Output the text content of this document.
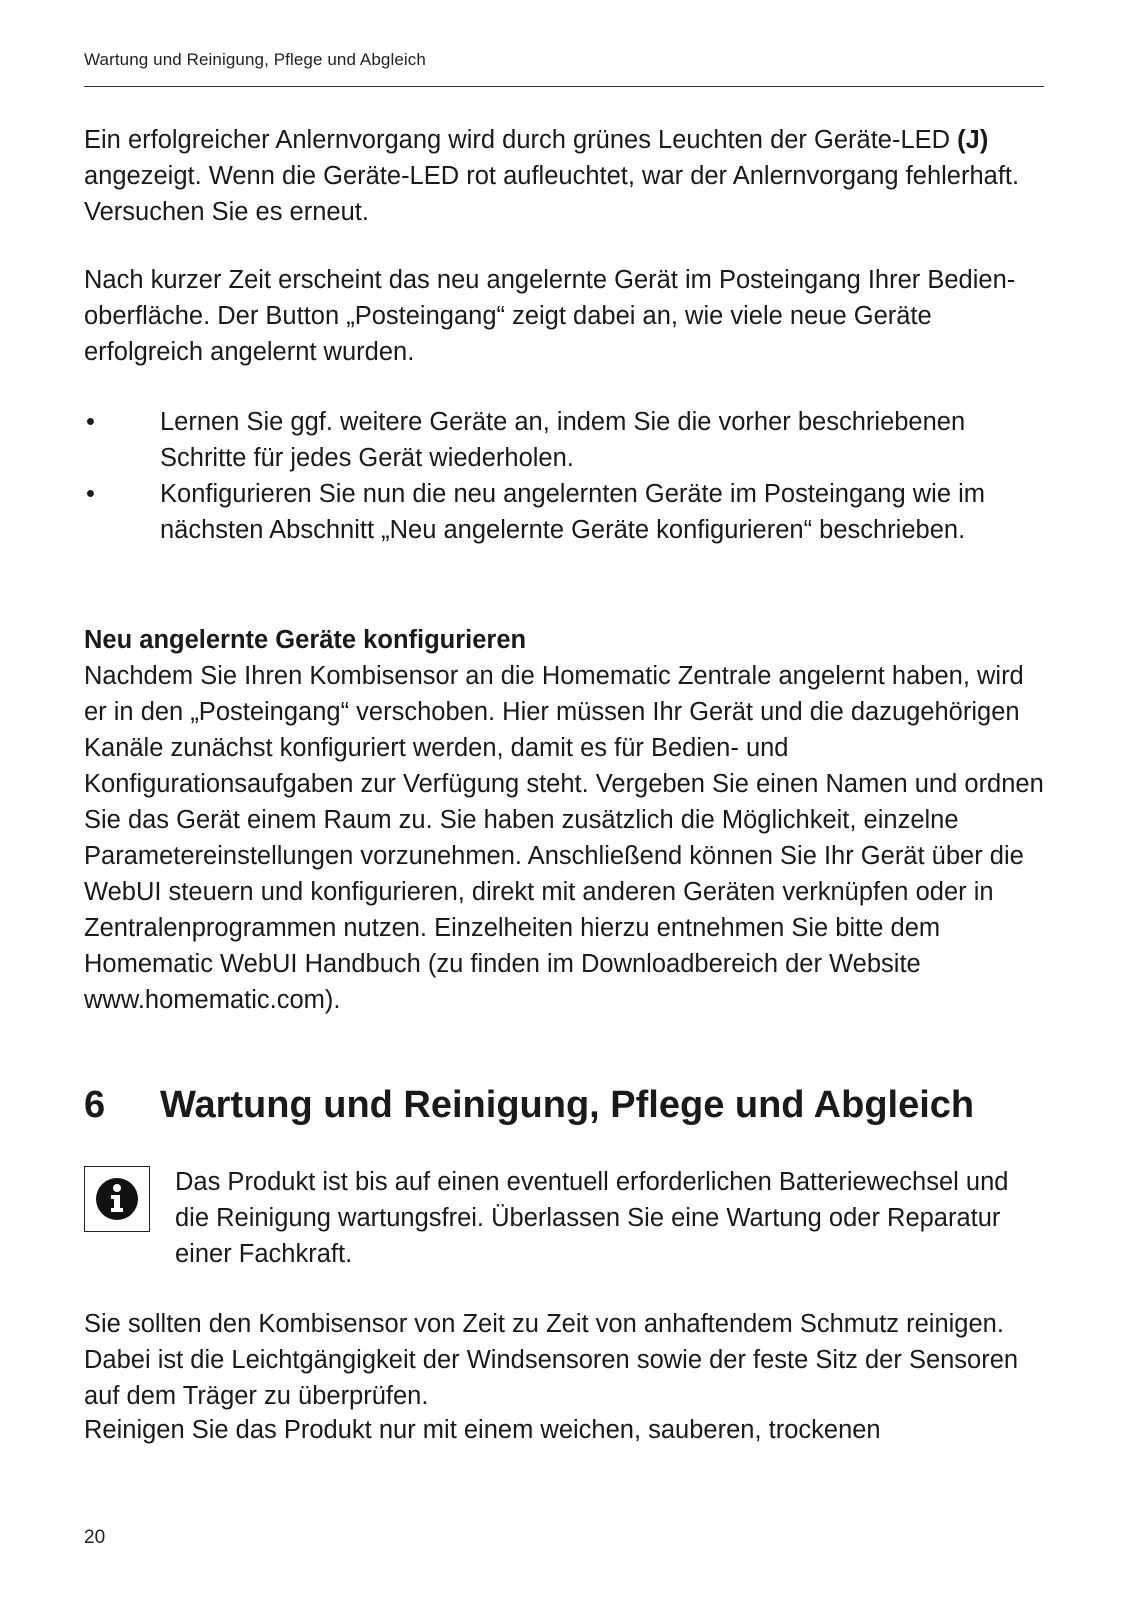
Wartung und Reinigung, Pflege und Abgleich

Ein erfolgreicher Anlernvorgang wird durch grünes Leuchten der Geräte-LED (J) angezeigt. Wenn die Geräte-LED rot aufleuchtet, war der Anlernvorgang fehlerhaft. Versuchen Sie es erneut.

Nach kurzer Zeit erscheint das neu angelernte Gerät im Posteingang Ihrer Bedien-oberfläche. Der Button „Posteingang“ zeigt dabei an, wie viele neue Geräte erfolgreich angelernt wurden.

•	Lernen Sie ggf. weitere Geräte an, indem Sie die vorher beschriebenen Schritte für jedes Gerät wiederholen.
•	Konfigurieren Sie nun die neu angelernten Geräte im Posteingang wie im nächsten Abschnitt „Neu angelernte Geräte konfigurieren“ beschrieben.
Neu angelernte Geräte konfigurieren

Nachdem Sie Ihren Kombisensor an die Homematic Zentrale angelernt haben, wird er in den „Posteingang“ verschoben. Hier müssen Ihr Gerät und die dazugehörigen Kanäle zunächst konfiguriert werden, damit es für Bedien- und Konfigurationsaufgaben zur Verfügung steht. Vergeben Sie einen Namen und ordnen Sie das Gerät einem Raum zu. Sie haben zusätzlich die Möglichkeit, einzelne Parametereinstellungen vorzunehmen. Anschließend können Sie Ihr Gerät über die WebUI steuern und konfigurieren, direkt mit anderen Geräten verknüpfen oder in Zentralenprogrammen nutzen. Einzelheiten hierzu entnehmen Sie bitte dem Homematic WebUI Handbuch (zu finden im Downloadbereich der Website www.homematic.com).

6 Wartung und Reinigung, Pflege und Abgleich

Das Produkt ist bis auf einen eventuell erforderlichen Batteriewechsel und die Reinigung wartungsfrei. Überlassen Sie eine Wartung oder Reparatur einer Fachkraft.

Sie sollten den Kombisensor von Zeit zu Zeit von anhaftendem Schmutz reinigen. Dabei ist die Leichtgängigkeit der Windsensoren sowie der feste Sitz der Sensoren auf dem Träger zu überprüfen.

Reinigen Sie das Produkt nur mit einem weichen, sauberen, trockenen

20
